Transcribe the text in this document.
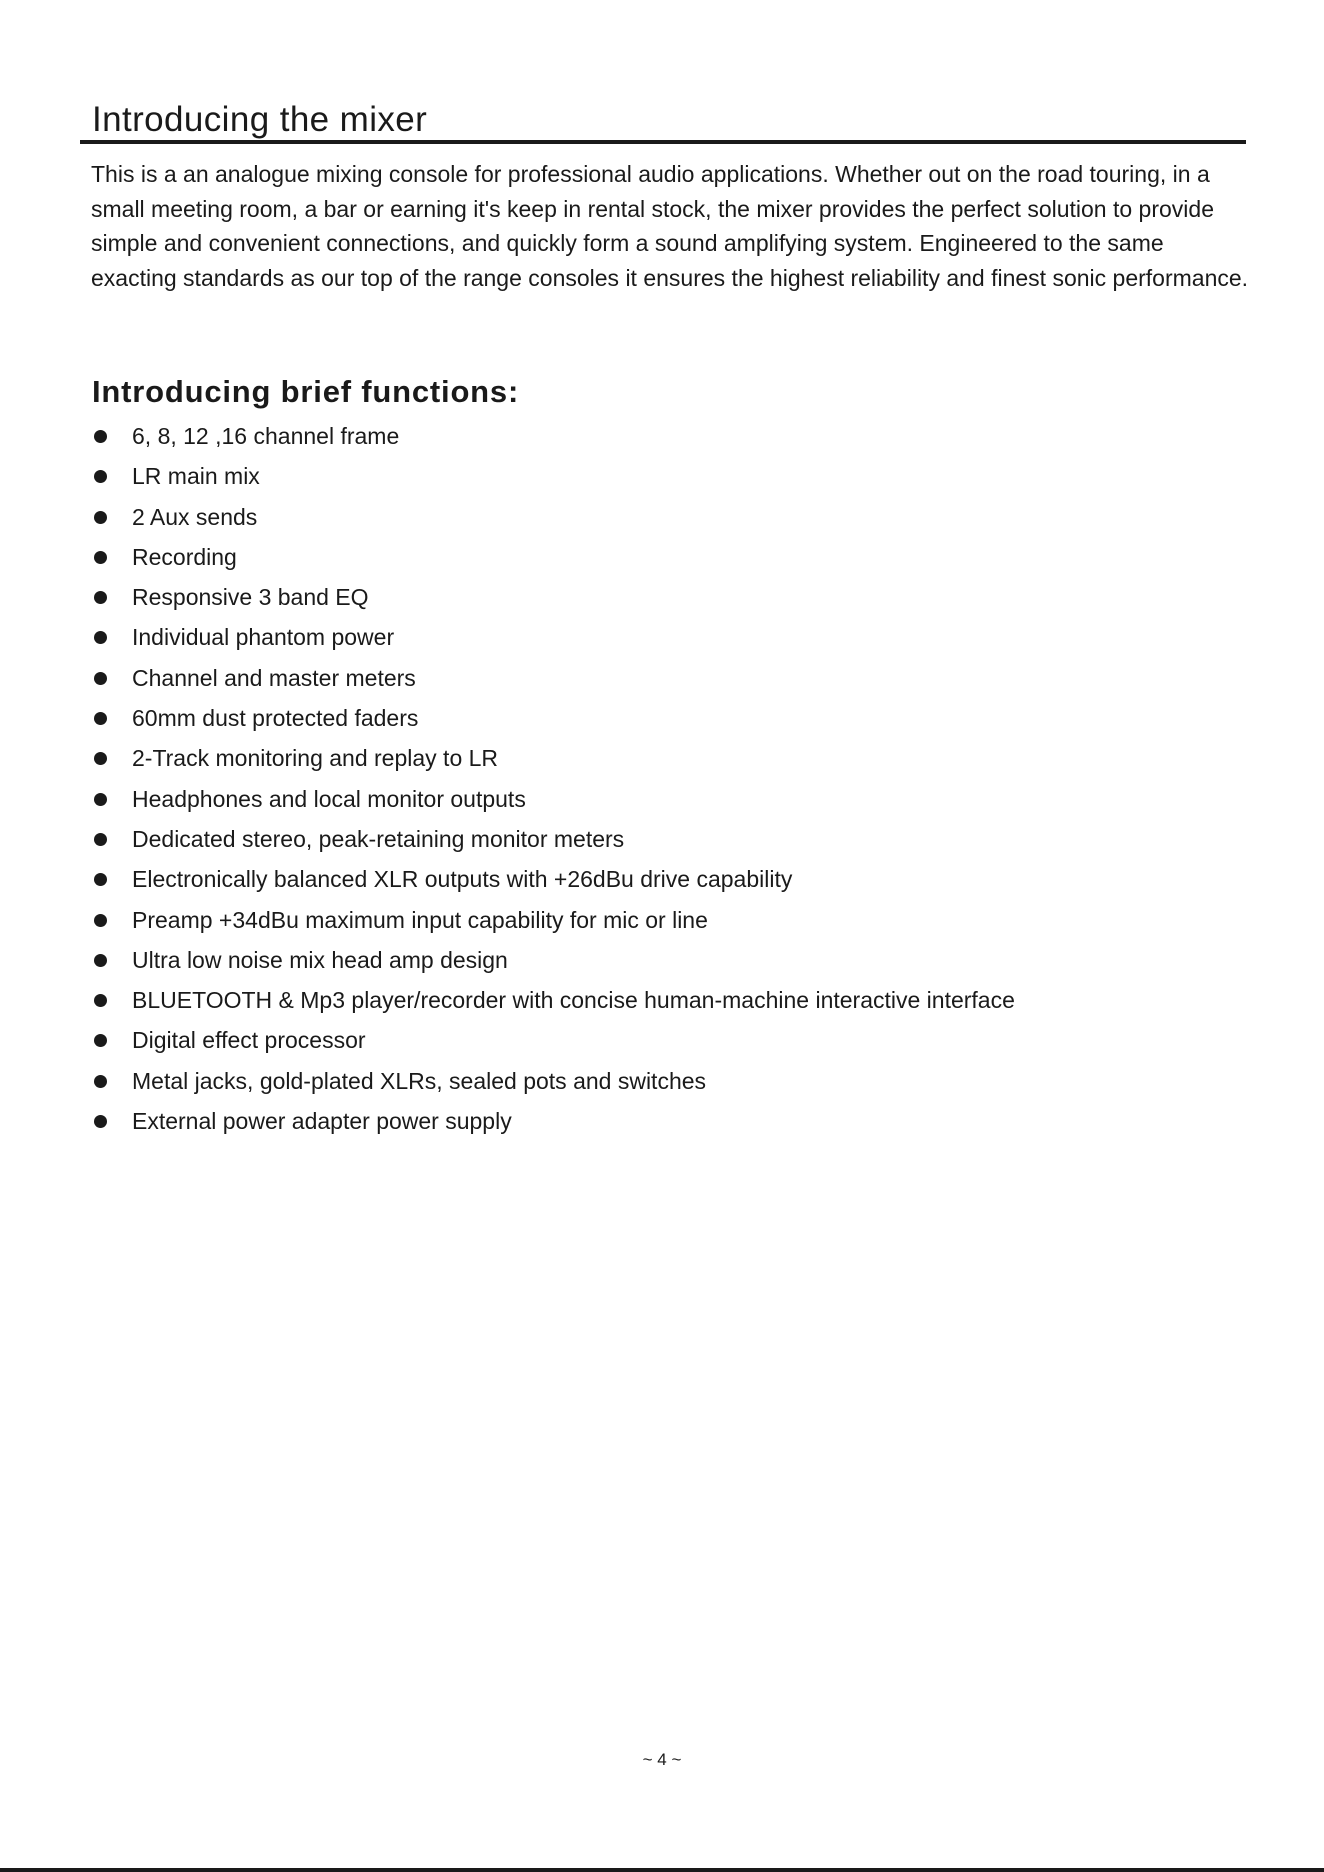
Introducing the mixer

This is a an analogue mixing console for professional audio applications. Whether out on the road touring, in a small meeting room, a bar or earning it's keep in rental stock, the mixer provides the perfect solution to provide simple and convenient connections, and quickly form a sound amplifying system. Engineered to the same exacting standards as our top of the range consoles it ensures the highest reliability and finest sonic performance.

Introducing brief functions:
6, 8, 12 ,16 channel frame
LR main mix
2 Aux sends
Recording
Responsive 3 band EQ
Individual phantom power
Channel and master meters
60mm dust protected faders
2-Track monitoring and replay to LR
Headphones and local monitor outputs
Dedicated stereo, peak-retaining monitor meters
Electronically balanced XLR outputs with +26dBu drive capability
Preamp +34dBu maximum input capability for mic or line
Ultra low noise mix head amp design
BLUETOOTH & Mp3 player/recorder with concise human-machine interactive interface
Digital effect processor
Metal jacks, gold-plated XLRs, sealed pots and switches
External power adapter power supply

~ 4 ~
